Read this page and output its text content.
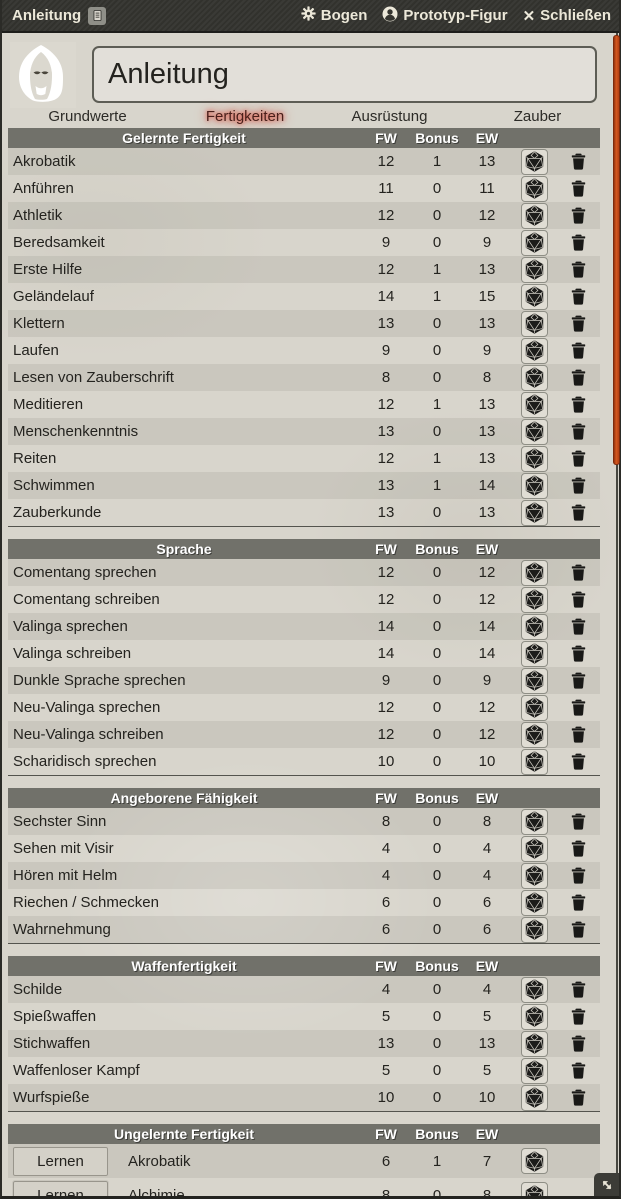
Anleitung	Bogen Prototyp-Figur ✕ Schließen
Anleitung
Grundwerte	Fertigkeiten	Ausrüstung	Zauber
Gelernte Fertigkeit	FW	Bonus	EW
Akrobatik	12	1	13
Anführen	11	0	11
Athletik	12	0	12
Beredsamkeit	9	0	9
Erste Hilfe	12	1	13
Geländelauf	14	1	15
Klettern	13	0	13
Laufen	9	0	9
Lesen von Zauberschrift	8	0	8
Meditieren	12	1	13
Menschenkenntnis	13	0	13
Reiten	12	1	13
Schwimmen	13	1	14
Zauberkunde	13	0	13
Sprache	FW	Bonus	EW
Comentang sprechen	12	0	12
Comentang schreiben	12	0	12
Valinga sprechen	14	0	14
Valinga schreiben	14	0	14
Dunkle Sprache sprechen	9	0	9
Neu-Valinga sprechen	12	0	12
Neu-Valinga schreiben	12	0	12
Scharidisch sprechen	10	0	10
Angeborene Fähigkeit	FW	Bonus	EW
Sechster Sinn	8	0	8
Sehen mit Visir	4	0	4
Hören mit Helm	4	0	4
Riechen / Schmecken	6	0	6
Wahrnehmung	6	0	6
Waffenfertigkeit	FW	Bonus	EW
Schilde	4	0	4
Spießwaffen	5	0	5
Stichwaffen	13	0	13
Waffenloser Kampf	5	0	5
Wurfspieße	10	0	10
Ungelernte Fertigkeit	FW	Bonus	EW
Lernen	Akrobatik	6	1	7
Lernen	Alchimie	8	0	8
